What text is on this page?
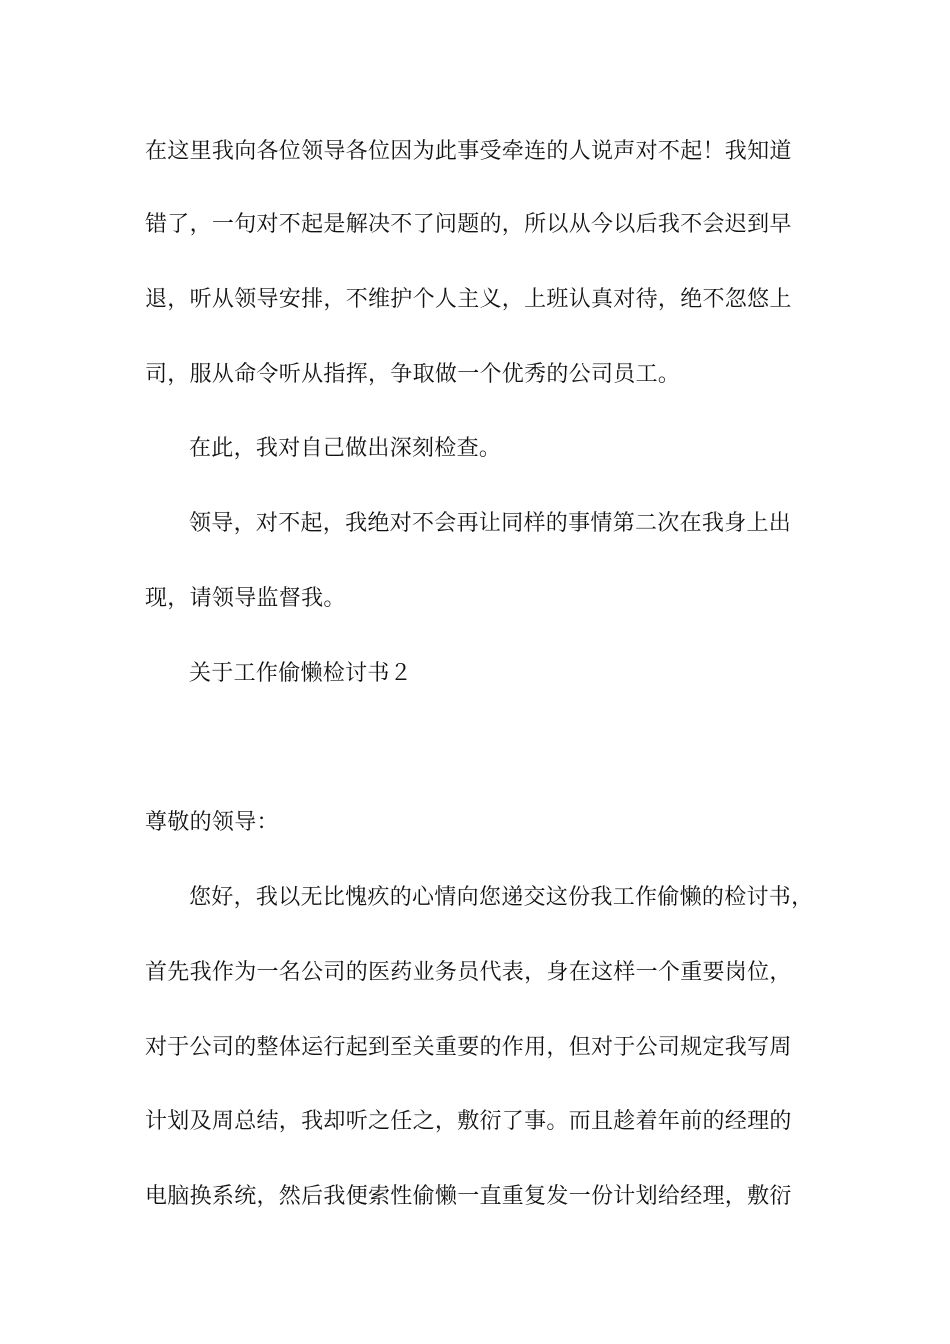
在这里我向各位领导各位因为此事受牵连的人说声对不起！我知道
错了，一句对不起是解决不了问题的，所以从今以后我不会迟到早
退，听从领导安排，不维护个人主义，上班认真对待，绝不忽悠上
司，服从命令听从指挥，争取做一个优秀的公司员工。
在此，我对自己做出深刻检查。
领导，对不起，我绝对不会再让同样的事情第二次在我身上出
现，请领导监督我。
关于工作偷懒检讨书２
尊敬的领导：
您好，我以无比愧疚的心情向您递交这份我工作偷懒的检讨书，
首先我作为一名公司的医药业务员代表，身在这样一个重要岗位，
对于公司的整体运行起到至关重要的作用，但对于公司规定我写周
计划及周总结，我却听之任之，敷衍了事。而且趁着年前的经理的
电脑换系统，然后我便索性偷懒一直重复发一份计划给经理，敷衍
